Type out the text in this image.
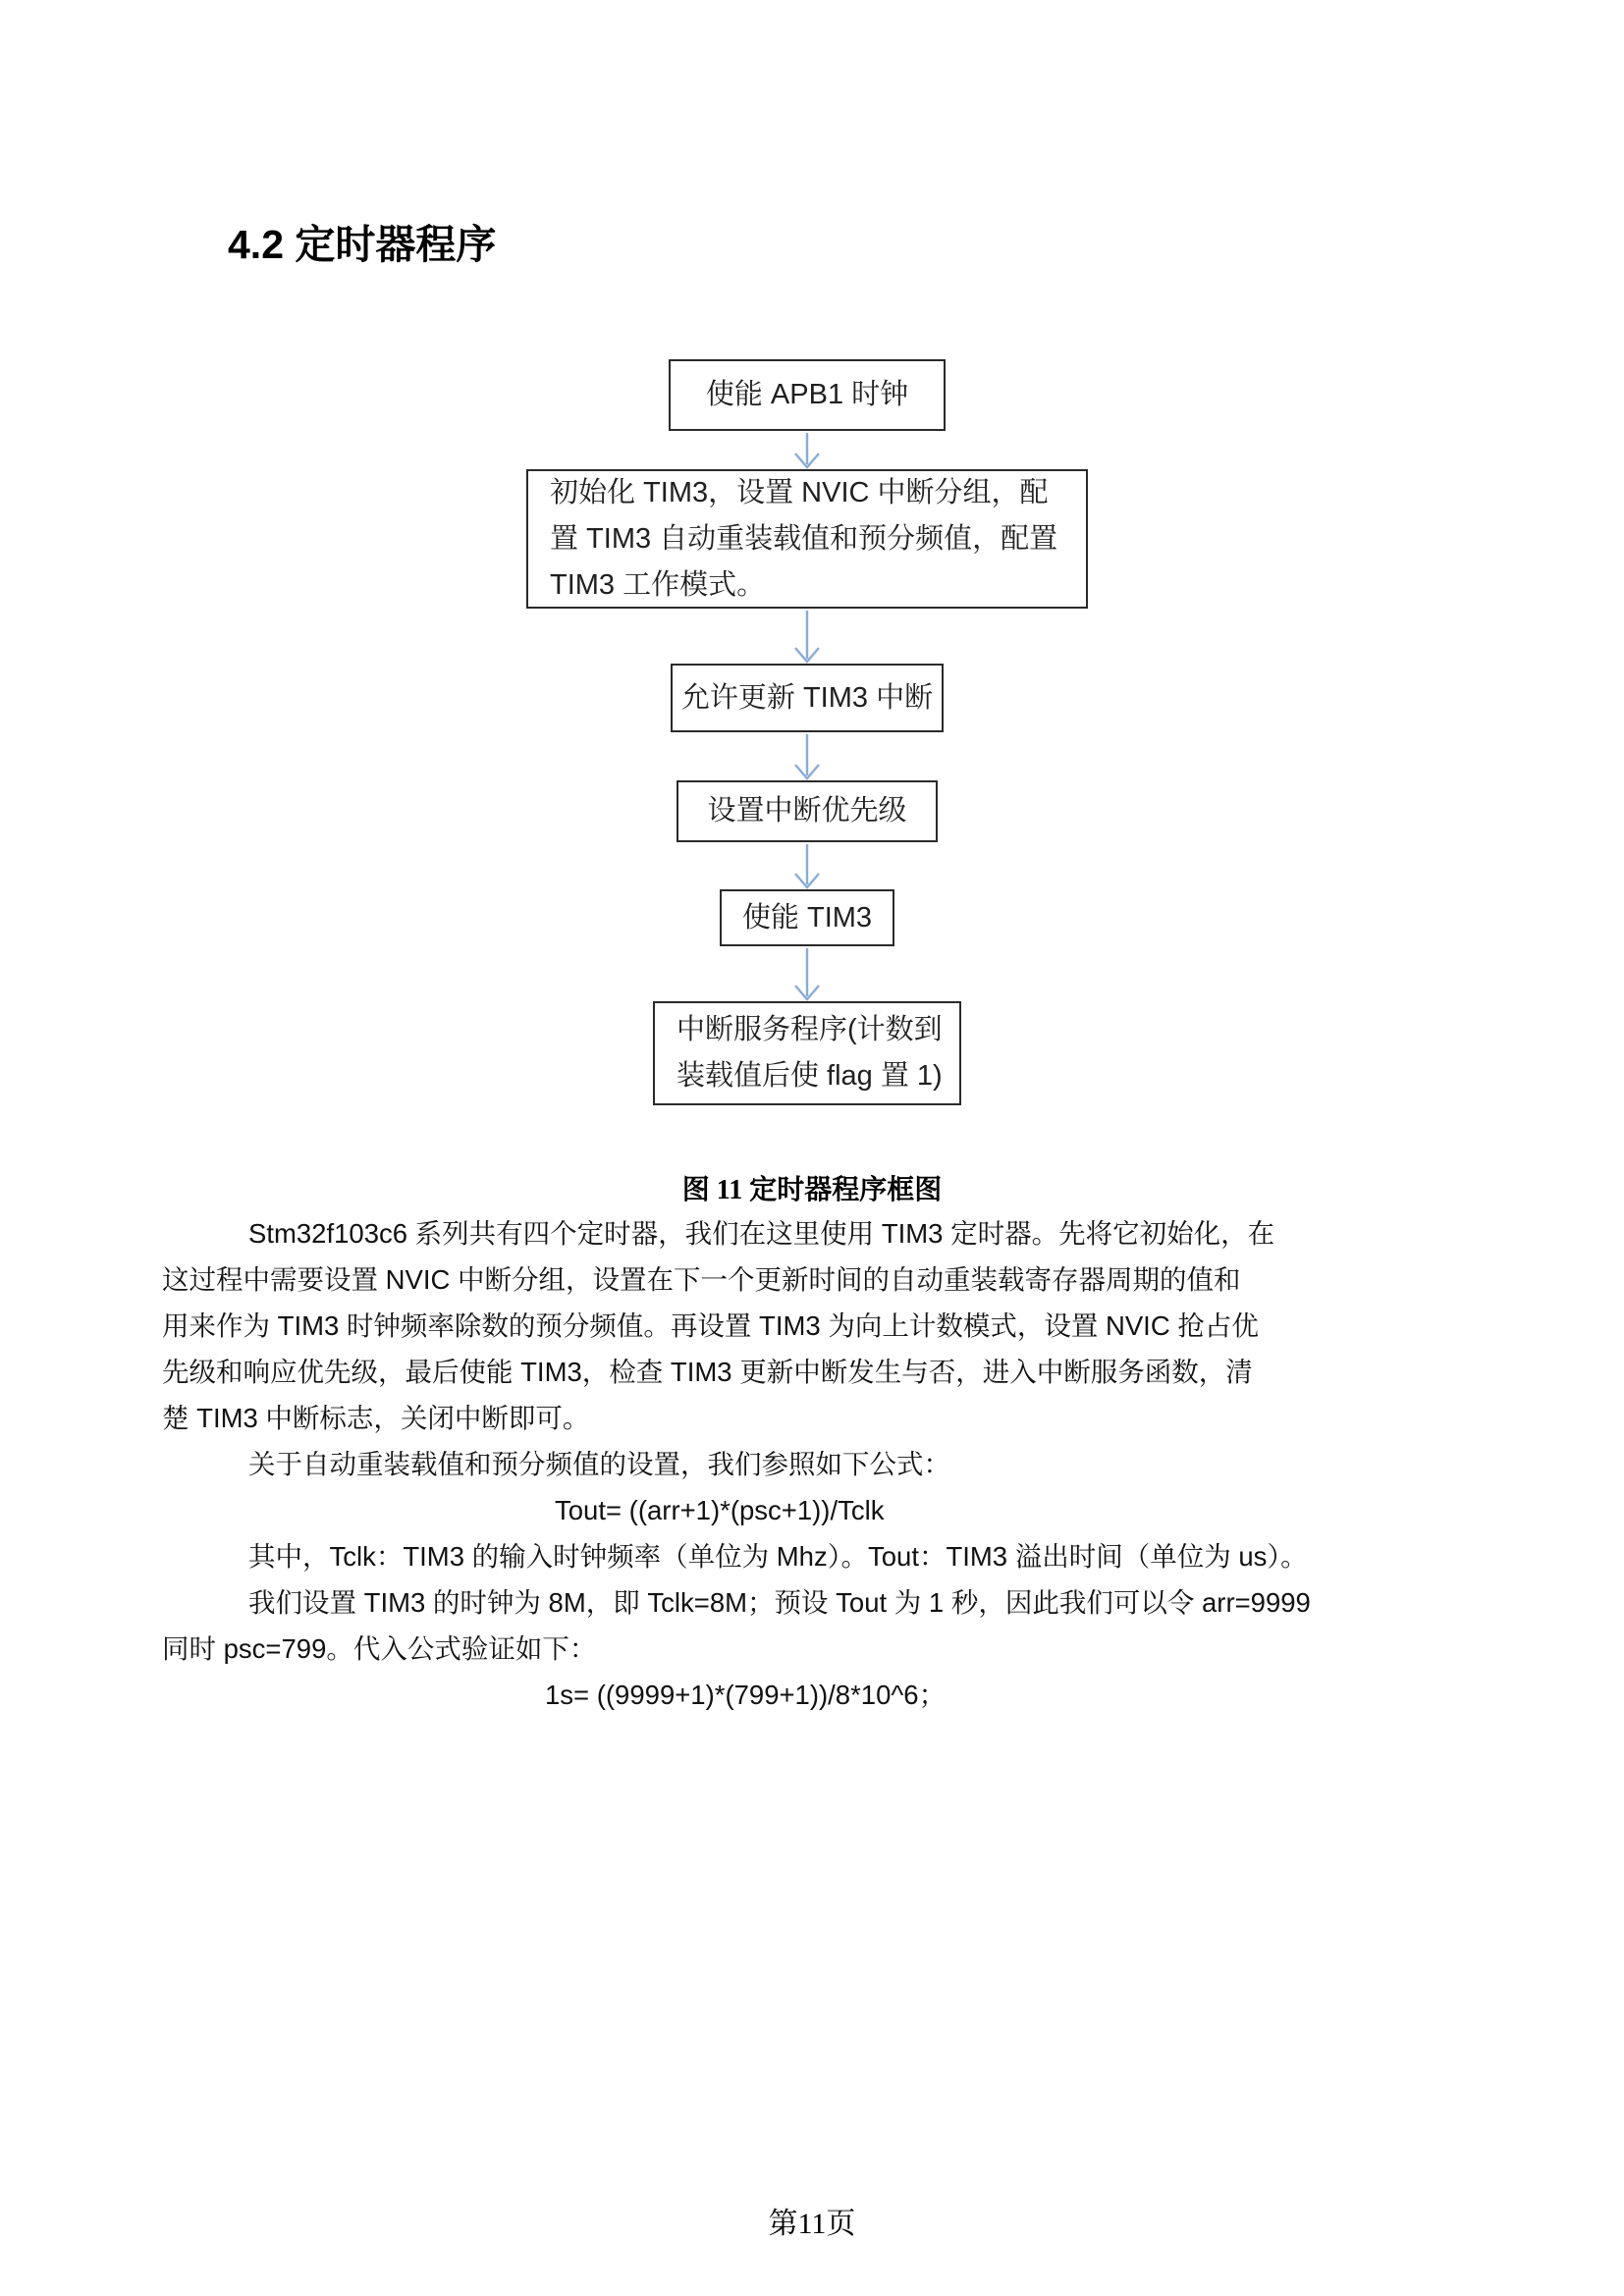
4.2 定时器程序
使能 APB1 时钟
初始化 TIM3，设置 NVIC 中断分组，配
置 TIM3 自动重装载值和预分频值，配置
TIM3 工作模式。
允许更新 TIM3 中断
设置中断优先级
使能 TIM3
中断服务程序(计数到
装载值后使 flag 置 1)
图 11 定时器程序框图
Stm32f103c6 系列共有四个定时器，我们在这里使用 TIM3 定时器。先将它初始化，在
这过程中需要设置 NVIC 中断分组，设置在下一个更新时间的自动重装载寄存器周期的值和
用来作为 TIM3 时钟频率除数的预分频值。再设置 TIM3 为向上计数模式，设置 NVIC 抢占优
先级和响应优先级，最后使能 TIM3，检查 TIM3 更新中断发生与否，进入中断服务函数，清
楚 TIM3 中断标志，关闭中断即可。
关于自动重装载值和预分频值的设置，我们参照如下公式：
Tout= ((arr+1)*(psc+1))/Tclk
其中，Tclk：TIM3 的输入时钟频率（单位为 Mhz）。Tout：TIM3 溢出时间（单位为 us）。
我们设置 TIM3 的时钟为 8M，即 Tclk=8M；预设 Tout 为 1 秒，因此我们可以令 arr=9999
同时 psc=799。代入公式验证如下：
1s= ((9999+1)*(799+1))/8*10^6；
第11页
